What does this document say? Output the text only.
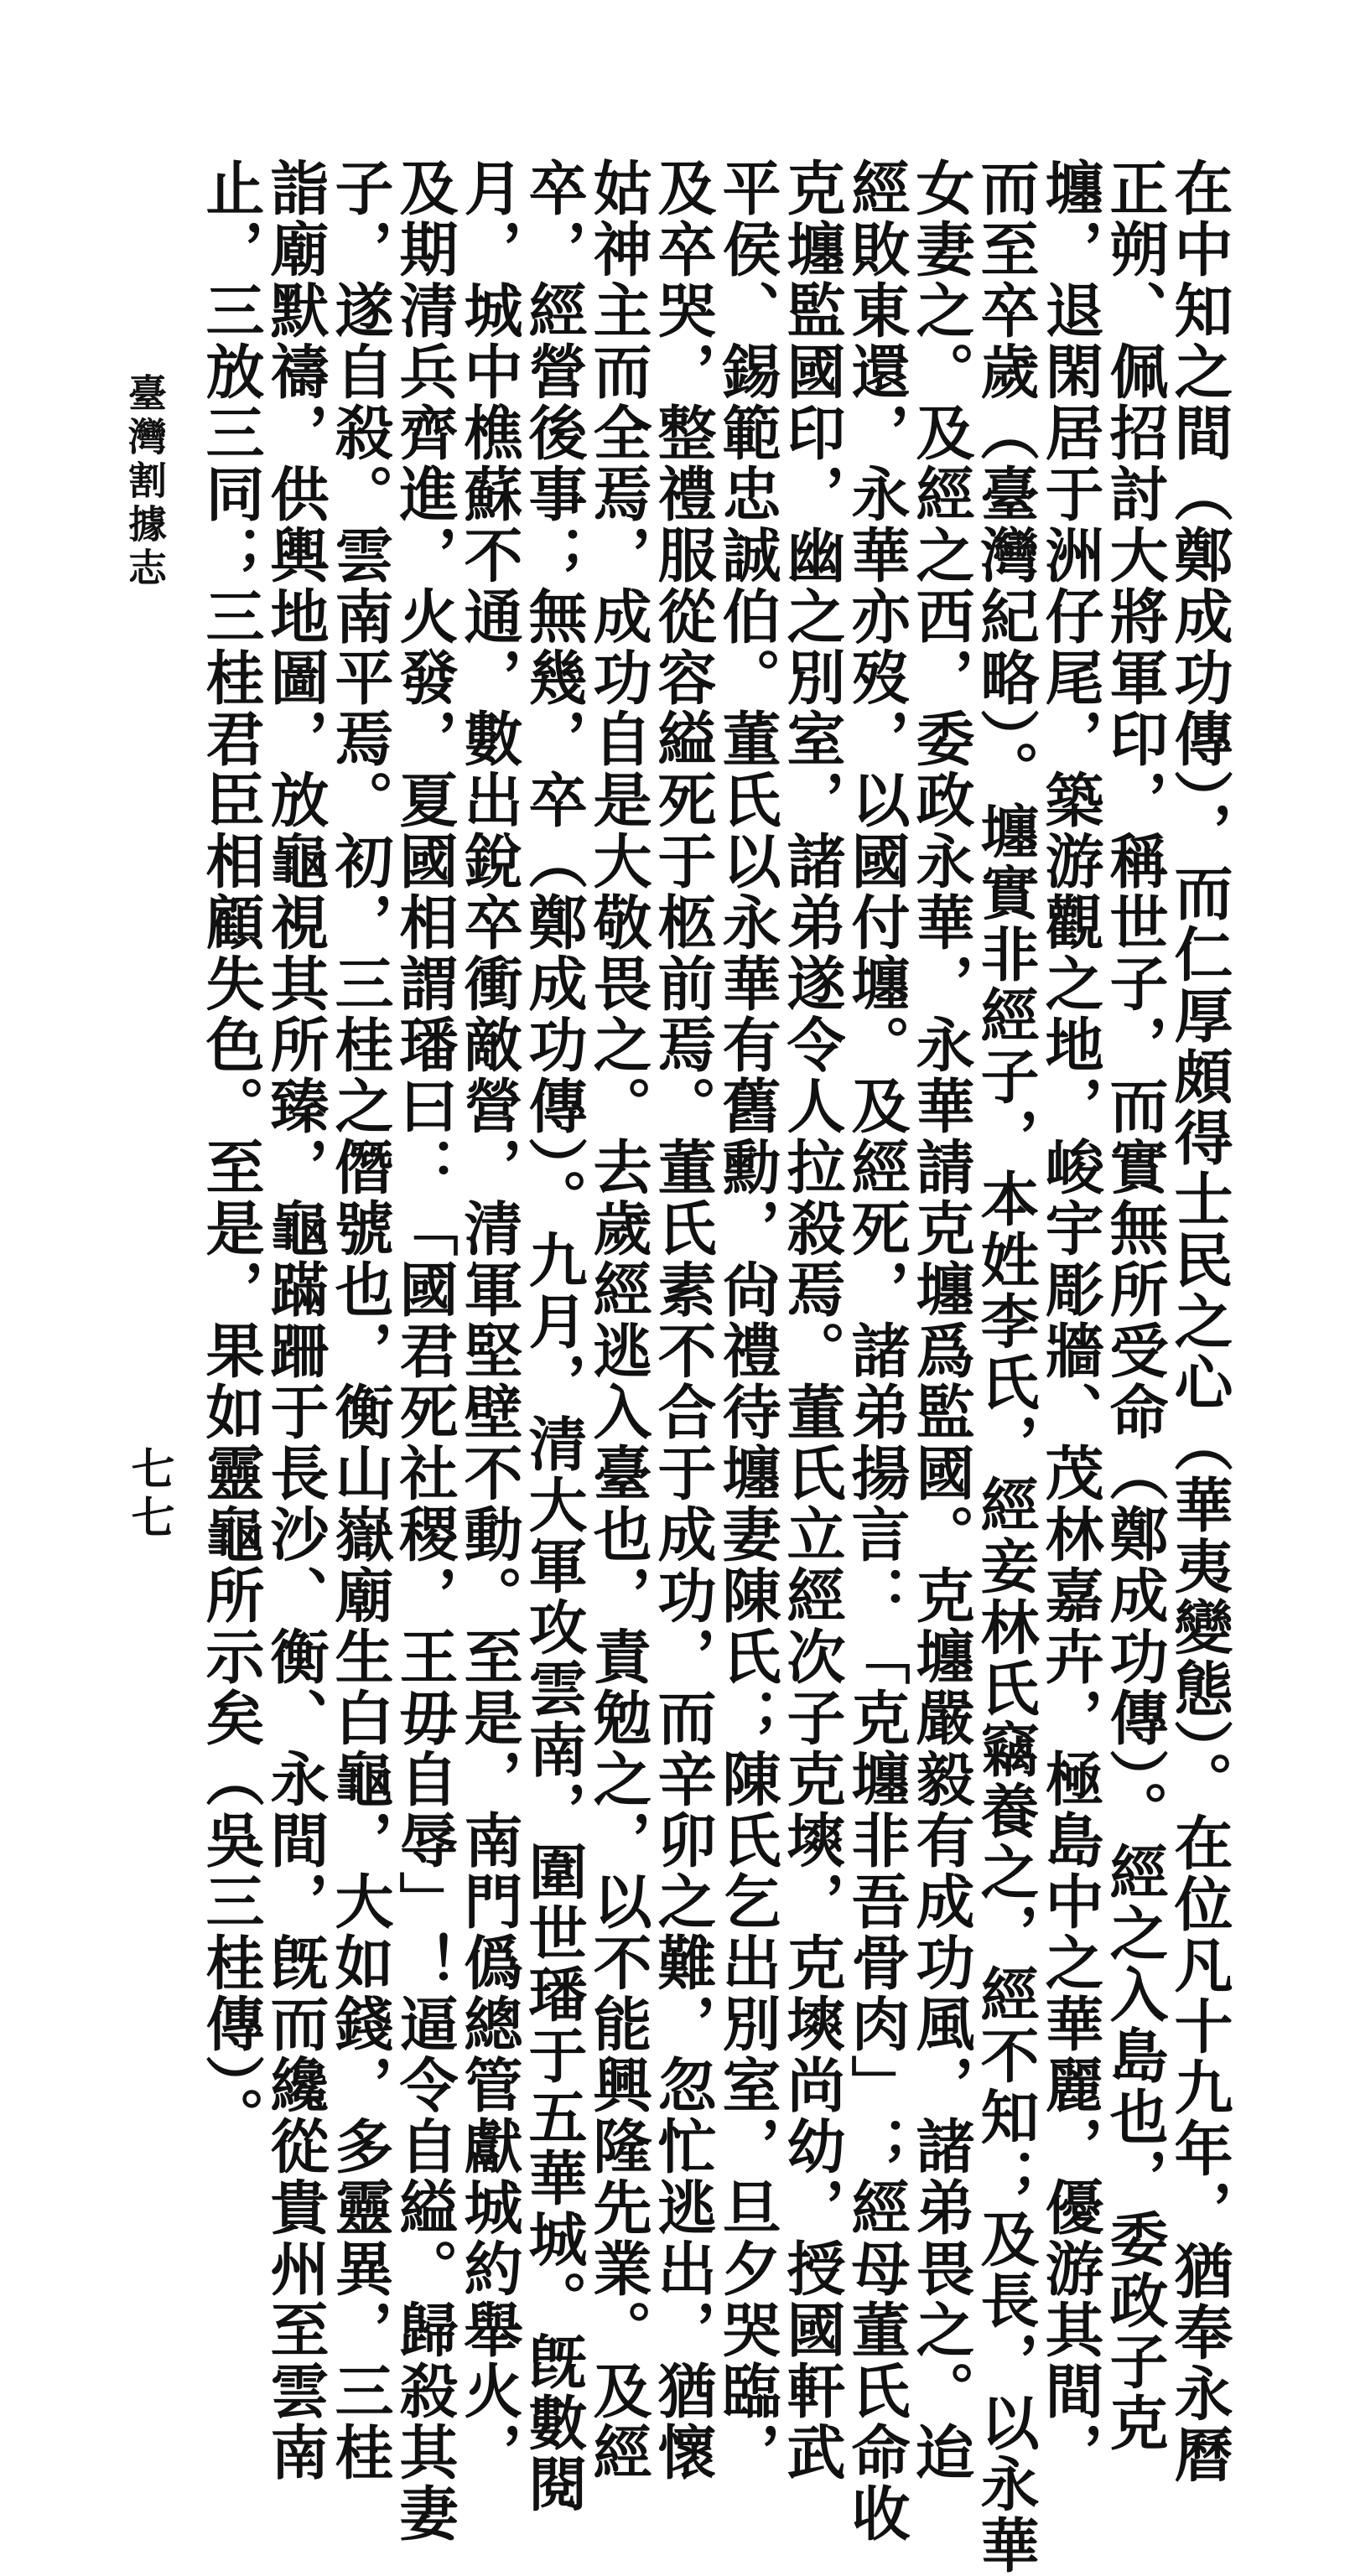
在中知之間（鄭成功傳），而仁厚頗得士民之心（華夷變態）。在位凡十九年，猶奉永曆
正朔、佩招討大將軍印，稱世子，而實無所受命（鄭成功傳）。經之入島也，委政子克
㙻，退閑居于洲仔尾，築游觀之地，峻宇彫牆、茂林嘉卉，極島中之華麗，優游其間，
而至卒歲（臺灣紀略）。㙻實非經子，本姓李氏，經妾林氏竊養之，經不知；及長，以永華
女妻之。及經之西，委政永華，永華請克㙻爲監國。克㙻嚴毅有成功風，諸弟畏之。迨
經敗東還，永華亦歿，以國付㙻。及經死，諸弟揚言：「克㙻非吾骨肉」；經母董氏命收
克㙻監國印，幽之別室，諸弟遂令人拉殺焉。董氏立經次子克塽，克塽尚幼，授國軒武
平侯、錫範忠誠伯。董氏以永華有舊勳，尙禮待㙻妻陳氏；陳氏乞出別室，旦夕哭臨，
及卒哭，整禮服從容縊死于柩前焉。董氏素不合于成功，而辛卯之難，忽忙逃出，猶懷
姑神主而全焉，成功自是大敬畏之。去歲經逃入臺也，責勉之，以不能興隆先業。及經
卒，經營後事；無幾，卒（鄭成功傳）。九月，清大軍攻雲南，圍世璠于五華城。旣數閱
月，城中樵蘇不通，數出銳卒衝敵營，清軍堅壁不動。至是，南門僞總管獻城約舉火，
及期清兵齊進，火發，夏國相謂璠曰：「國君死社稷，王毋自辱」！逼令自縊。歸殺其妻
子，遂自殺。雲南平焉。初，三桂之僭號也，衡山嶽廟生白龜，大如錢，多靈異，三桂
詣廟默禱，供輿地圖，放龜視其所臻，龜蹣跚于長沙、衡、永間，旣而纔從貴州至雲南
止，三放三同；三桂君臣相顧失色。至是，果如靈龜所示矣（吳三桂傳）。
臺灣割據志
七七
